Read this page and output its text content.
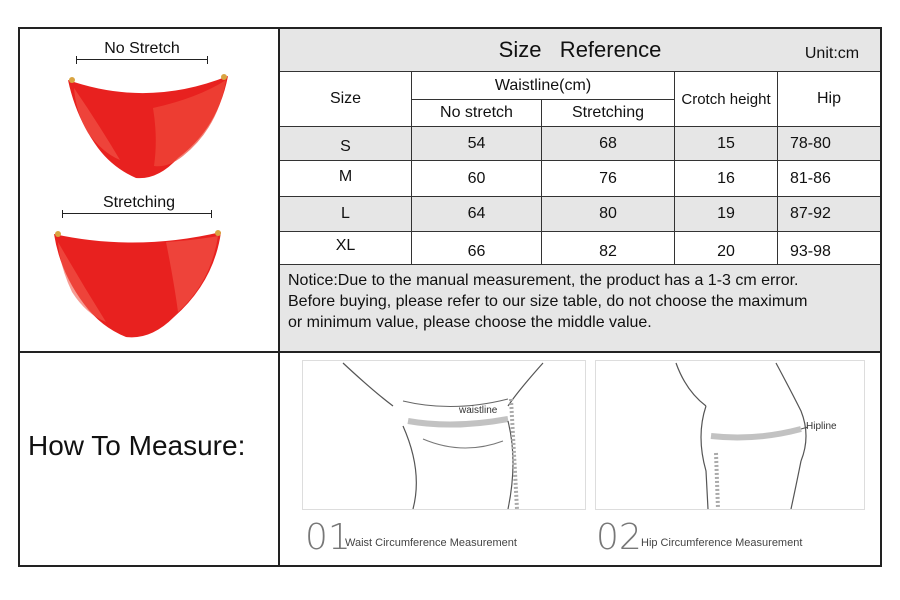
No Stretch
Stretching
Size   Reference	Unit:cm
Size
Waistline(cm)
No stretch	Stretching
Crotch height	Hip
S	54	68	15	78-80
M	60	76	16	81-86
L	64	80	19	87-92
XL	66	82	20	93-98
Notice:Due to the manual measurement, the product has a 1-3 cm error.
Before buying, please refer to our size table, do not choose the maximum
or minimum value, please choose the middle value.
How To Measure:
waistline
01
Waist Circumference Measurement
Hipline
02 Hip Circumference Measurement
